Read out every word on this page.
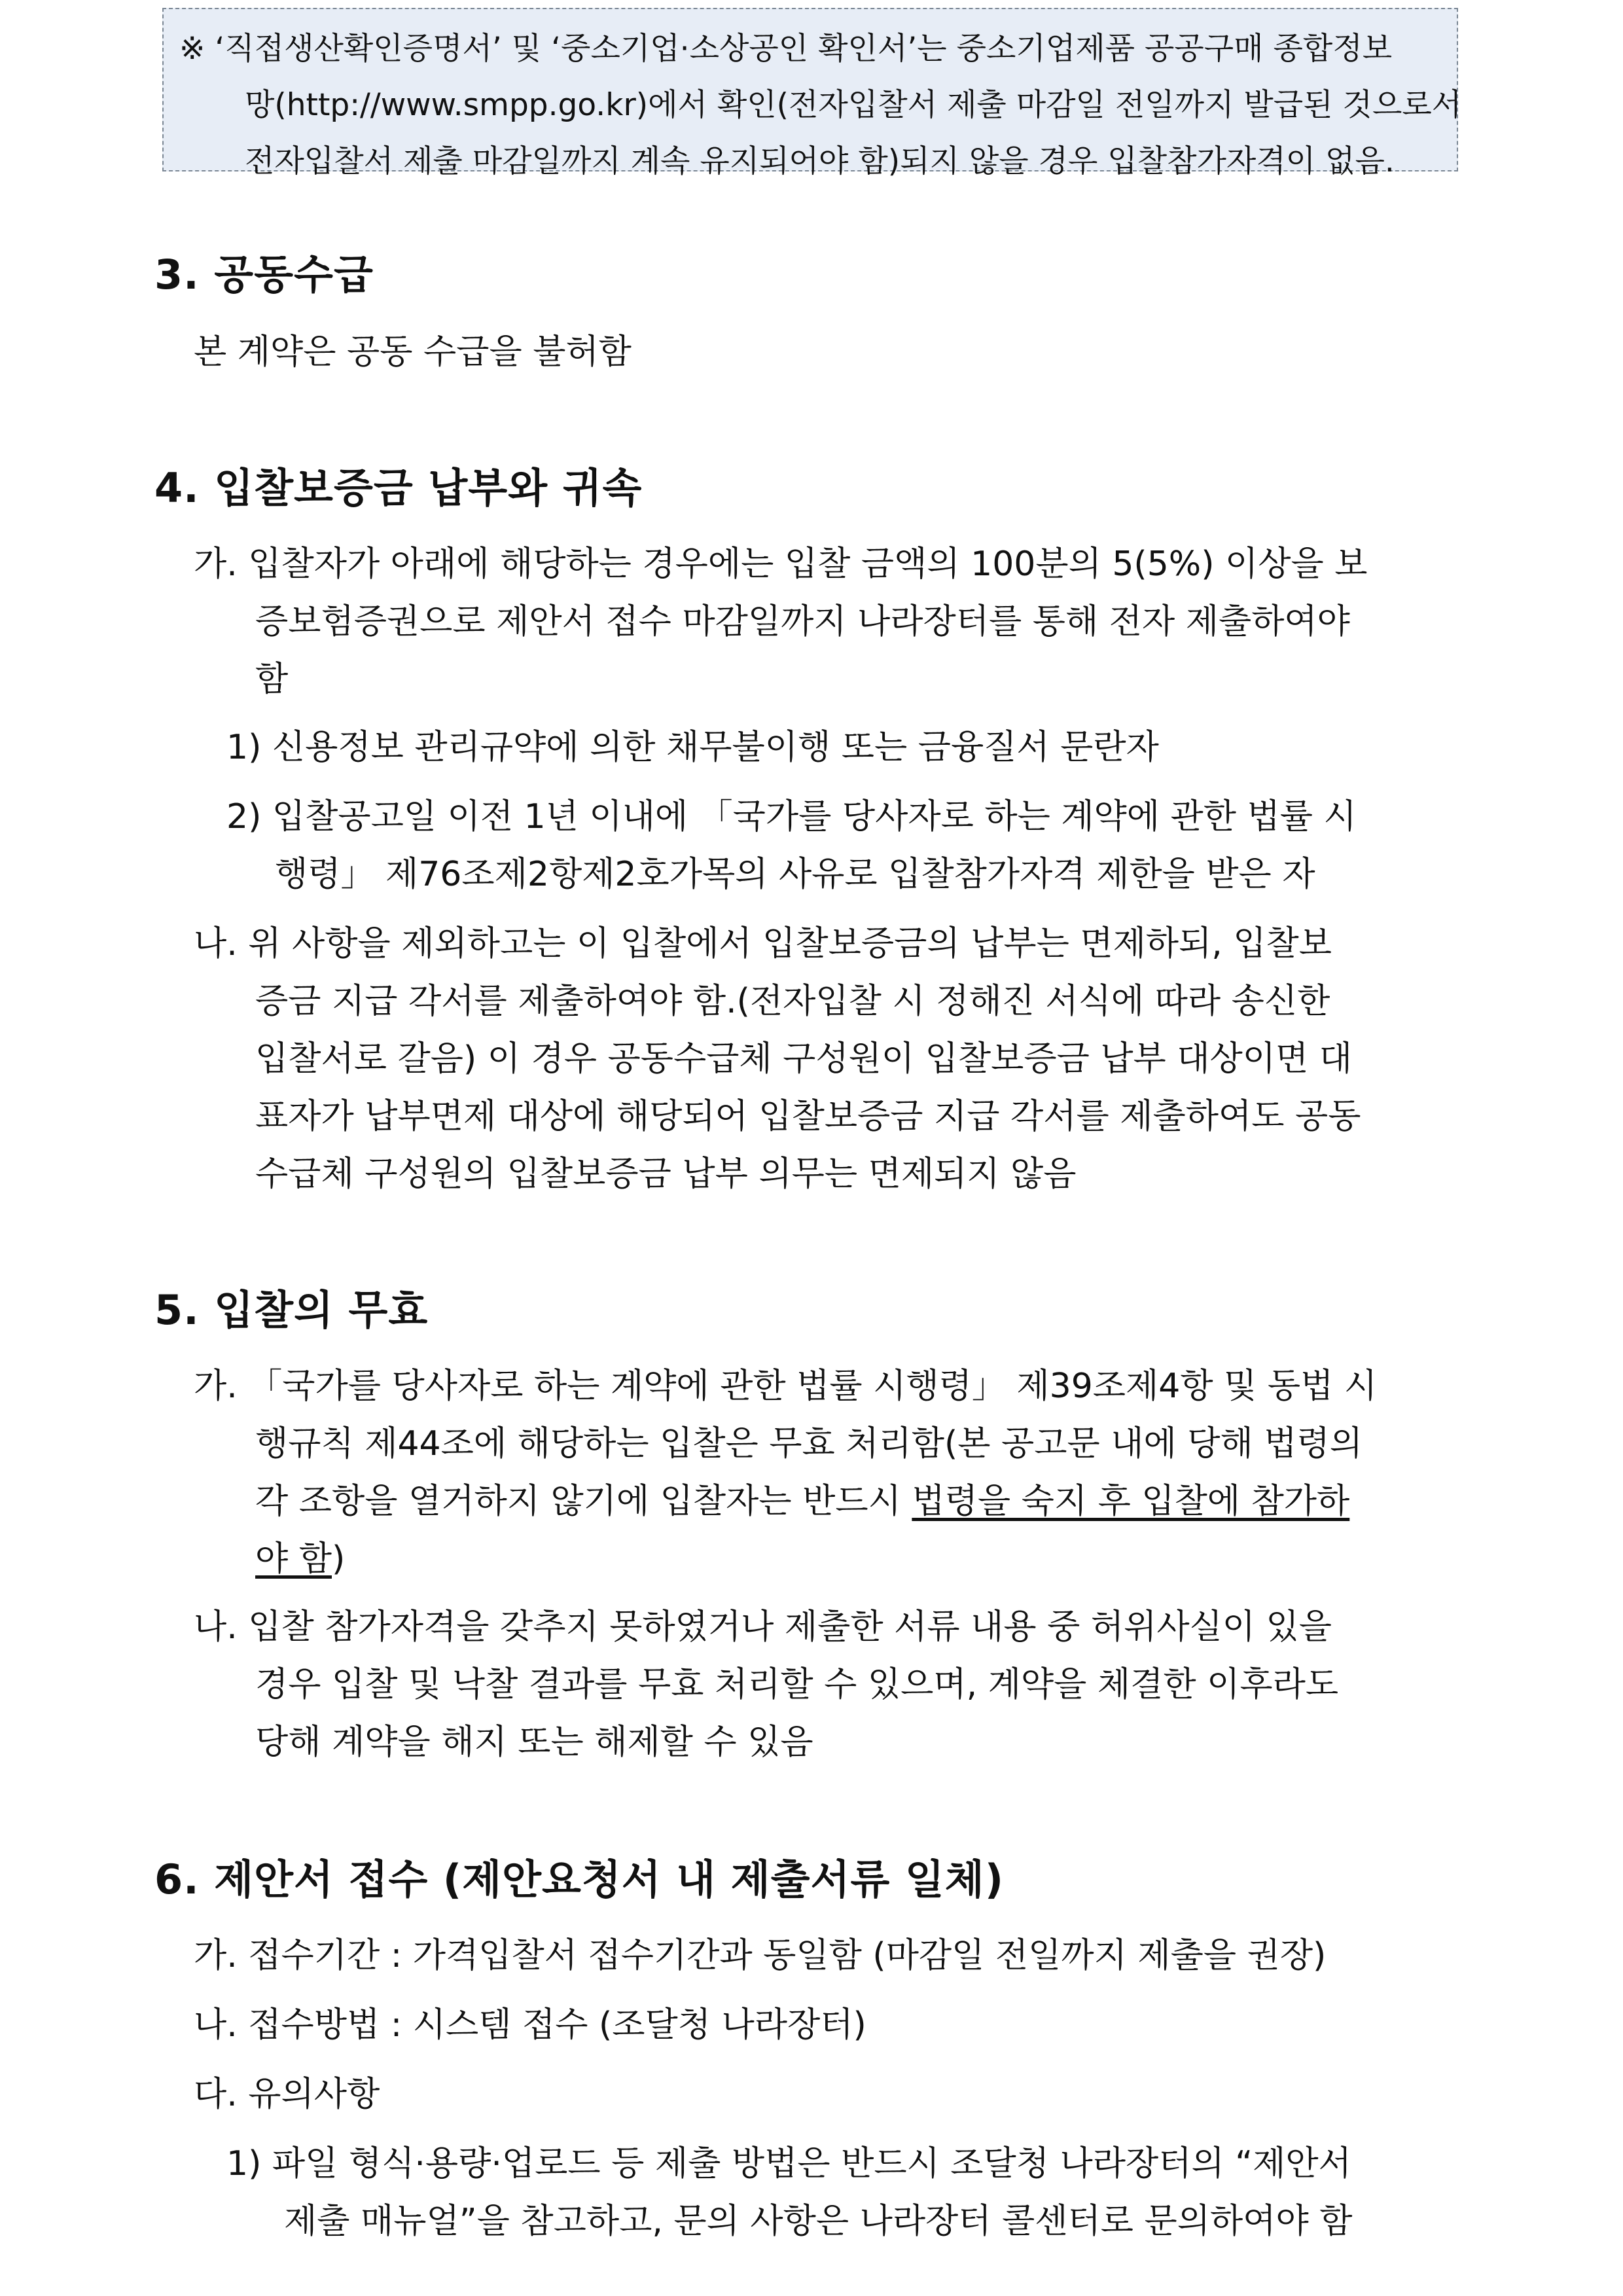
※ ‘직접생산확인증명서’ 및 ‘중소기업·소상공인 확인서’는 중소기업제품 공공구매 종합정보
망(http://www.smpp.go.kr)에서 확인(전자입찰서 제출 마감일 전일까지 발급된 것으로서
전자입찰서 제출 마감일까지 계속 유지되어야 함)되지 않을 경우 입찰참가자격이 없음.
3. 공동수급
본 계약은 공동 수급을 불허함
4. 입찰보증금 납부와 귀속
가. 입찰자가 아래에 해당하는 경우에는 입찰 금액의 100분의 5(5%) 이상을 보
증보험증권으로 제안서 접수 마감일까지 나라장터를 통해 전자 제출하여야
함
1) 신용정보 관리규약에 의한 채무불이행 또는 금융질서 문란자
2) 입찰공고일 이전 1년 이내에 「국가를 당사자로 하는 계약에 관한 법률 시
행령」 제76조제2항제2호가목의 사유로 입찰참가자격 제한을 받은 자
나. 위 사항을 제외하고는 이 입찰에서 입찰보증금의 납부는 면제하되, 입찰보
증금 지급 각서를 제출하여야 함.(전자입찰 시 정해진 서식에 따라 송신한
입찰서로 갈음) 이 경우 공동수급체 구성원이 입찰보증금 납부 대상이면 대
표자가 납부면제 대상에 해당되어 입찰보증금 지급 각서를 제출하여도 공동
수급체 구성원의 입찰보증금 납부 의무는 면제되지 않음
5. 입찰의 무효
가. 「국가를 당사자로 하는 계약에 관한 법률 시행령」 제39조제4항 및 동법 시
행규칙 제44조에 해당하는 입찰은 무효 처리함(본 공고문 내에 당해 법령의
각 조항을 열거하지 않기에 입찰자는 반드시 법령을 숙지 후 입찰에 참가하
야 함)
나. 입찰 참가자격을 갖추지 못하였거나 제출한 서류 내용 중 허위사실이 있을
경우 입찰 및 낙찰 결과를 무효 처리할 수 있으며, 계약을 체결한 이후라도
당해 계약을 해지 또는 해제할 수 있음
6. 제안서 접수 (제안요청서 내 제출서류 일체)
가. 접수기간 : 가격입찰서 접수기간과 동일함 (마감일 전일까지 제출을 권장)
나. 접수방법 : 시스템 접수 (조달청 나라장터)
다. 유의사항
1) 파일 형식·용량·업로드 등 제출 방법은 반드시 조달청 나라장터의 “제안서
제출 매뉴얼”을 참고하고, 문의 사항은 나라장터 콜센터로 문의하여야 함
